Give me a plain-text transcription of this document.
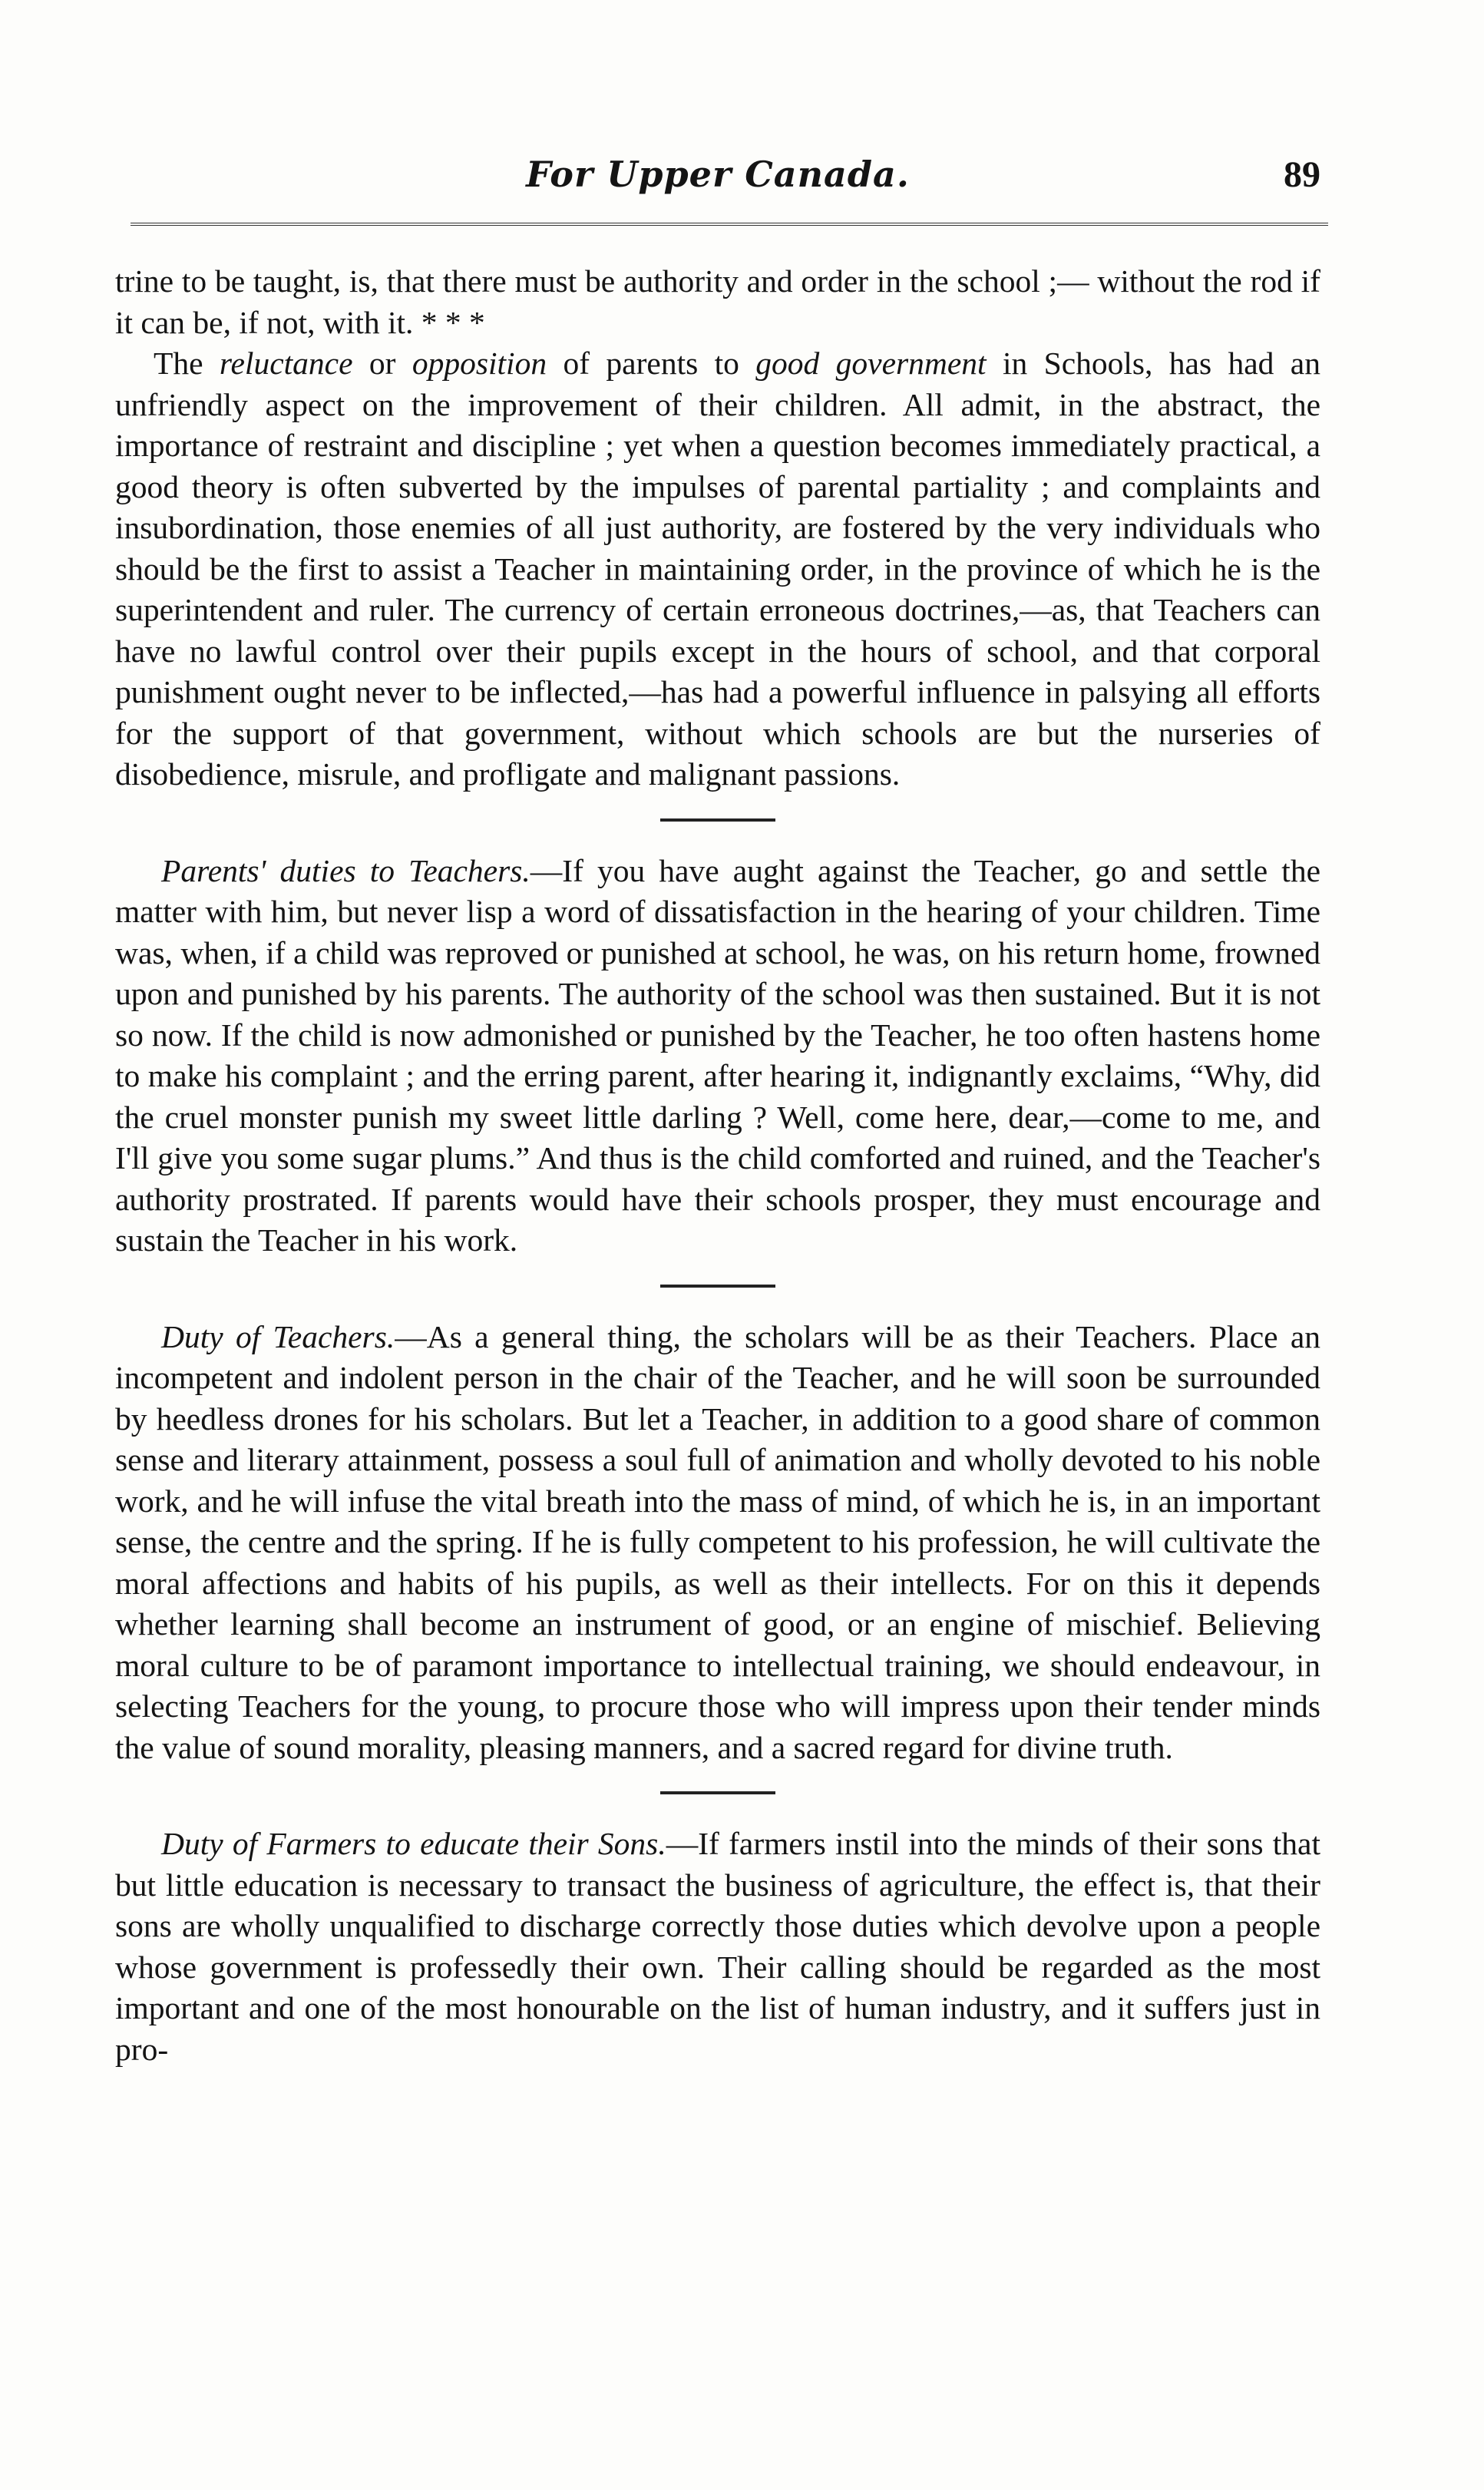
For Upper Canada.	89

trine to be taught, is, that there must be authority and order in the school ;— without the rod if it can be, if not, with it. * * *

The reluctance or opposition of parents to good government in Schools, has had an unfriendly aspect on the improvement of their children. All admit, in the abstract, the importance of restraint and discipline ; yet when a question becomes immediately practical, a good theory is often subverted by the impulses of parental partiality ; and complaints and insubordination, those enemies of all just authority, are fostered by the very individuals who should be the first to assist a Teacher in maintaining order, in the province of which he is the superintendent and ruler. The currency of certain erroneous doctrines,—as, that Teachers can have no lawful control over their pupils except in the hours of school, and that corporal punishment ought never to be inflected,—has had a powerful influence in palsying all efforts for the support of that government, without which schools are but the nurseries of disobedience, misrule, and profligate and malignant passions.

Parents' duties to Teachers.—If you have aught against the Teacher, go and settle the matter with him, but never lisp a word of dissatisfaction in the hearing of your children. Time was, when, if a child was reproved or punished at school, he was, on his return home, frowned upon and punished by his parents. The authority of the school was then sustained. But it is not so now. If the child is now admonished or punished by the Teacher, he too often hastens home to make his complaint ; and the erring parent, after hearing it, indignantly exclaims, “Why, did the cruel monster punish my sweet little darling ? Well, come here, dear,—come to me, and I'll give you some sugar plums.” And thus is the child comforted and ruined, and the Teacher's authority prostrated. If parents would have their schools prosper, they must encourage and sustain the Teacher in his work.

Duty of Teachers.—As a general thing, the scholars will be as their Teachers. Place an incompetent and indolent person in the chair of the Teacher, and he will soon be surrounded by heedless drones for his scholars. But let a Teacher, in addition to a good share of common sense and literary attainment, possess a soul full of animation and wholly devoted to his noble work, and he will infuse the vital breath into the mass of mind, of which he is, in an important sense, the centre and the spring. If he is fully competent to his profession, he will cultivate the moral affections and habits of his pupils, as well as their intellects. For on this it depends whether learning shall become an instrument of good, or an engine of mischief. Believing moral culture to be of paramont importance to intellectual training, we should endeavour, in selecting Teachers for the young, to procure those who will impress upon their tender minds the value of sound morality, pleasing manners, and a sacred regard for divine truth.

Duty of Farmers to educate their Sons.—If farmers instil into the minds of their sons that but little education is necessary to transact the business of agriculture, the effect is, that their sons are wholly unqualified to discharge correctly those duties which devolve upon a people whose government is professedly their own. Their calling should be regarded as the most important and one of the most honourable on the list of human industry, and it suffers just in pro-
